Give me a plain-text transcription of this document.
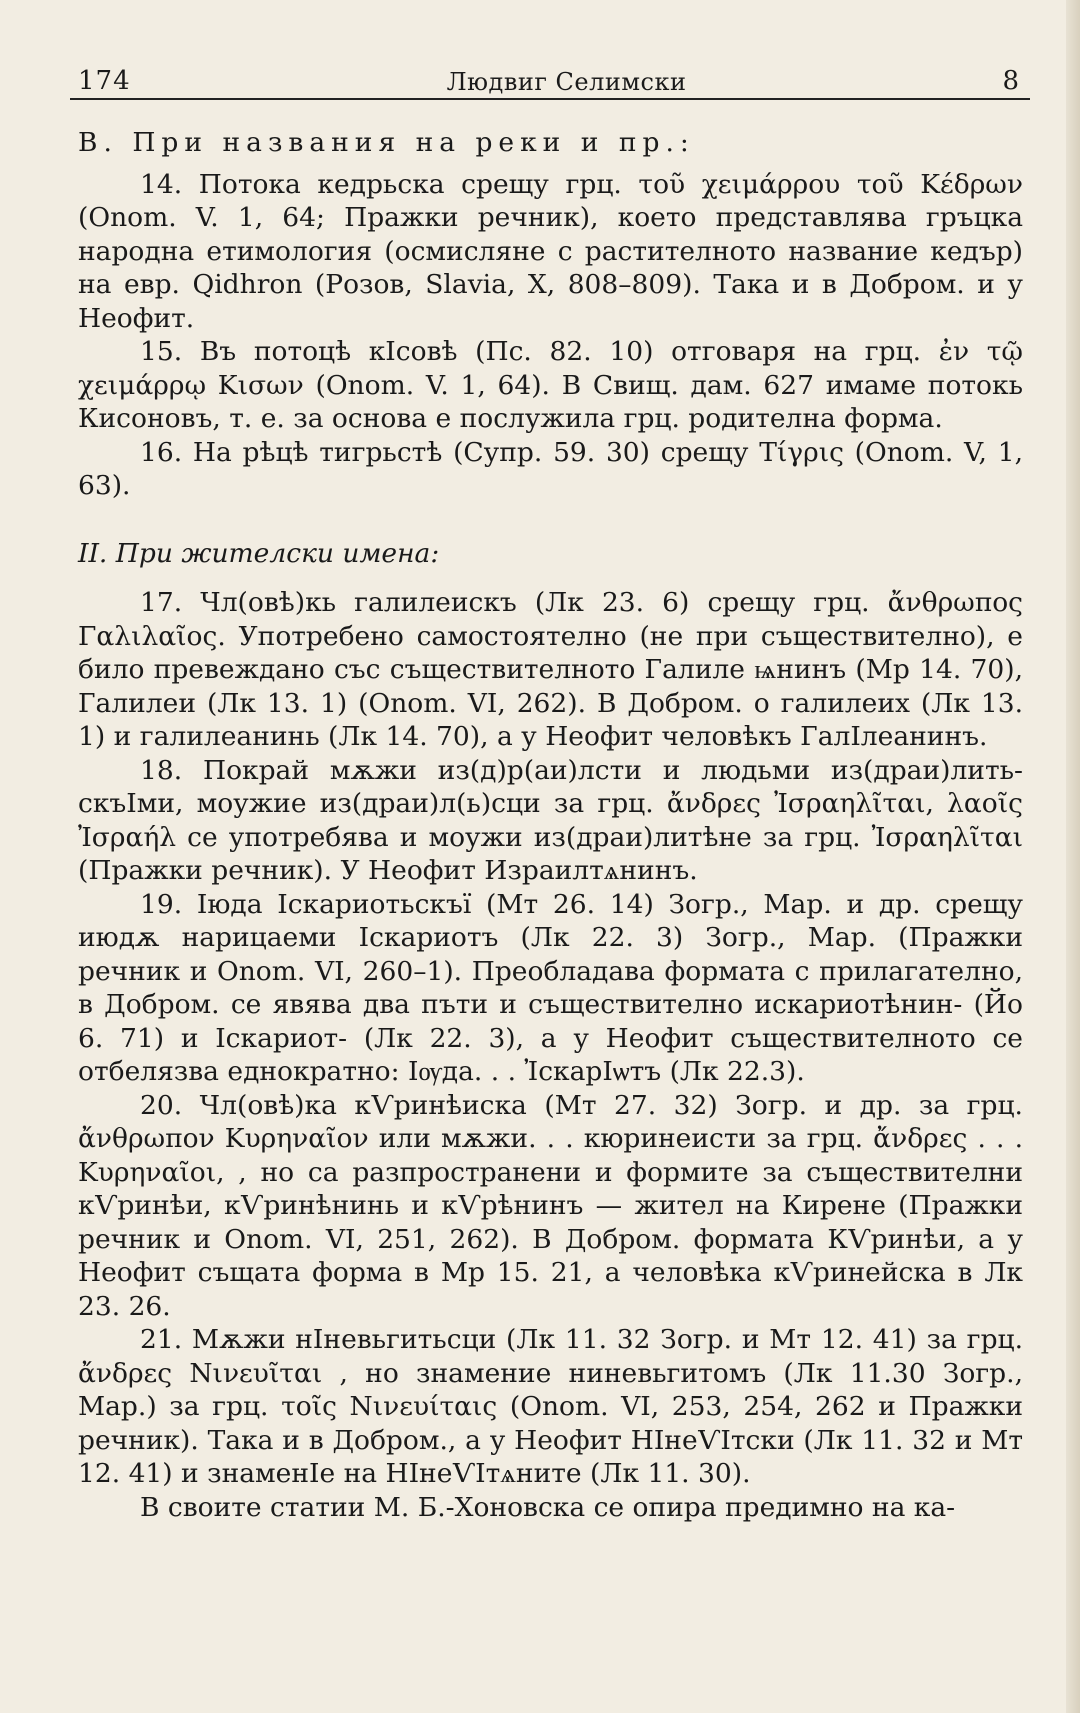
174	Людвиг Селимски	8

В. При названия на реки и пр.:

14. Потока кедрьска срещу грц. τοῦ χειμάρρου τοῦ Κέδρων (Onom. V. 1, 64; Пражки речник), което представлява гръцка народна етимология (осмисляне с растителното название кедър) на евр. Qidhron (Розов, Slavia, X, 808–809). Така и в Добром. и у Неофит.

15. Въ потоцѣ кІсовѣ (Пс. 82. 10) отговаря на грц. ἐν τῷ χειμάρρῳ Κισων (Onom. V. 1, 64). В Свищ. дам. 627 имаме потокь Кисоновъ, т. е. за основа е послужила грц. родителна форма.

16. На рѣцѣ тигрьстѣ (Супр. 59. 30) срещу Τίγρις (Onom. V, 1, 63).

II. При жителски имена:

17. Чл(овѣ)кь галилеискъ (Лк 23. 6) срещу грц. ἄνθρωπος Γαλιλαῖος. Употребено самостоятелно (не при съществително), е било превеждано със съществителното Галиле ѩнинъ (Мр 14. 70), Галилеи (Лк 13. 1) (Onom. VI, 262). В Добром. о галилеих (Лк 13. 1) и галилеанинь (Лк 14. 70), а у Неофит человѣкъ ГалІлеанинъ.

18. Покрай мѫжи из(д)р(аи)лсти и людьми из(драи)лить-скъІми, моужие из(драи)л(ь)сци за грц. ἄνδρες Ἰσραηλῖται, λαοῖς Ἰσραήλ се употребява и моужи из(драи)литѣне за грц. Ἰσραηλῖται (Пражки речник). У Неофит Израилтѧнинъ.

19. Іюда Іскариотьскъї (Мт 26. 14) Зогр., Мар. и др. срещу июдѫ нарицаеми Іскариотъ (Лк 22. 3) Зогр., Мар. (Пражки речник и Onom. VI, 260–1). Преобладава формата с прилагателно, в Добром. се явява два пъти и съществително искариотѣнин- (Йо 6. 71) и Іскариот- (Лк 22. 3), а у Неофит съществителното се отбелязва еднократно: Іѹда. . . ἸскарІѡтъ (Лк 22.3).

20. Чл(овѣ)ка кѴринѣиска (Мт 27. 32) Зогр. и др. за грц. ἄνθρωπον Κυρηναῖον или мѫжи. . . кюринеисти за грц. ἄνδρες . . . Κυρηναῖοι, , но са разпространени и формите за съществителни кѴринѣи, кѴринѣнинь и кѴрѣнинъ — жител на Кирене (Пражки речник и Onom. VI, 251, 262). В Добром. формата КѴринѣи, а у Неофит същата форма в Мр 15. 21, а человѣка кѴринейска в Лк 23. 26.

21. Мѫжи нІневьгитьсци (Лк 11. 32 Зогр. и Мт 12. 41) за грц. ἄνδρες Νινευῖται , но знамение ниневьгитомъ (Лк 11.30 Зогр., Мар.) за грц. τοῖς Νινευίταις (Onom. VI, 253, 254, 262 и Пражки речник). Така и в Добром., а у Неофит НІнеѴІтски (Лк 11. 32 и Мт 12. 41) и знаменІе на НІнеѴІтѧните (Лк 11. 30).

В своите статии М. Б.-Хоновска се опира предимно на ка-
